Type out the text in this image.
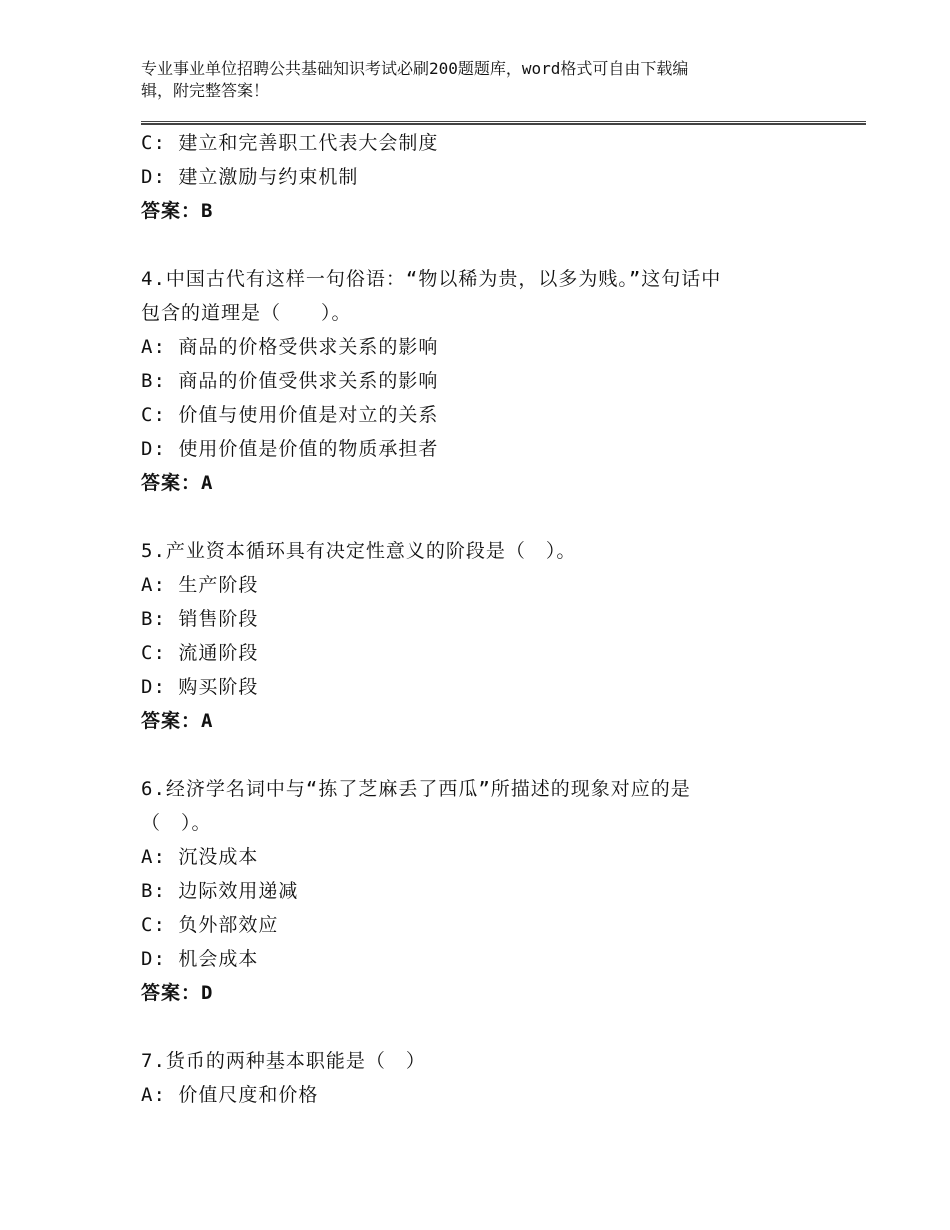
专业事业单位招聘公共基础知识考试必刷200题题库，word格式可自由下载编
辑，附完整答案！
C: 建立和完善职工代表大会制度
D: 建立激励与约束机制
答案：B
4.中国古代有这样一句俗语：“物以稀为贵，以多为贱。”这句话中
包含的道理是（　　）。
A: 商品的价格受供求关系的影响
B: 商品的价值受供求关系的影响
C: 价值与使用价值是对立的关系
D: 使用价值是价值的物质承担者
答案：A
5.产业资本循环具有决定性意义的阶段是（　）。
A: 生产阶段
B: 销售阶段
C: 流通阶段
D: 购买阶段
答案：A
6.经济学名词中与“拣了芝麻丢了西瓜”所描述的现象对应的是
（　）。
A: 沉没成本
B: 边际效用递减
C: 负外部效应
D: 机会成本
答案：D
7.货币的两种基本职能是（　）
A: 价值尺度和价格
